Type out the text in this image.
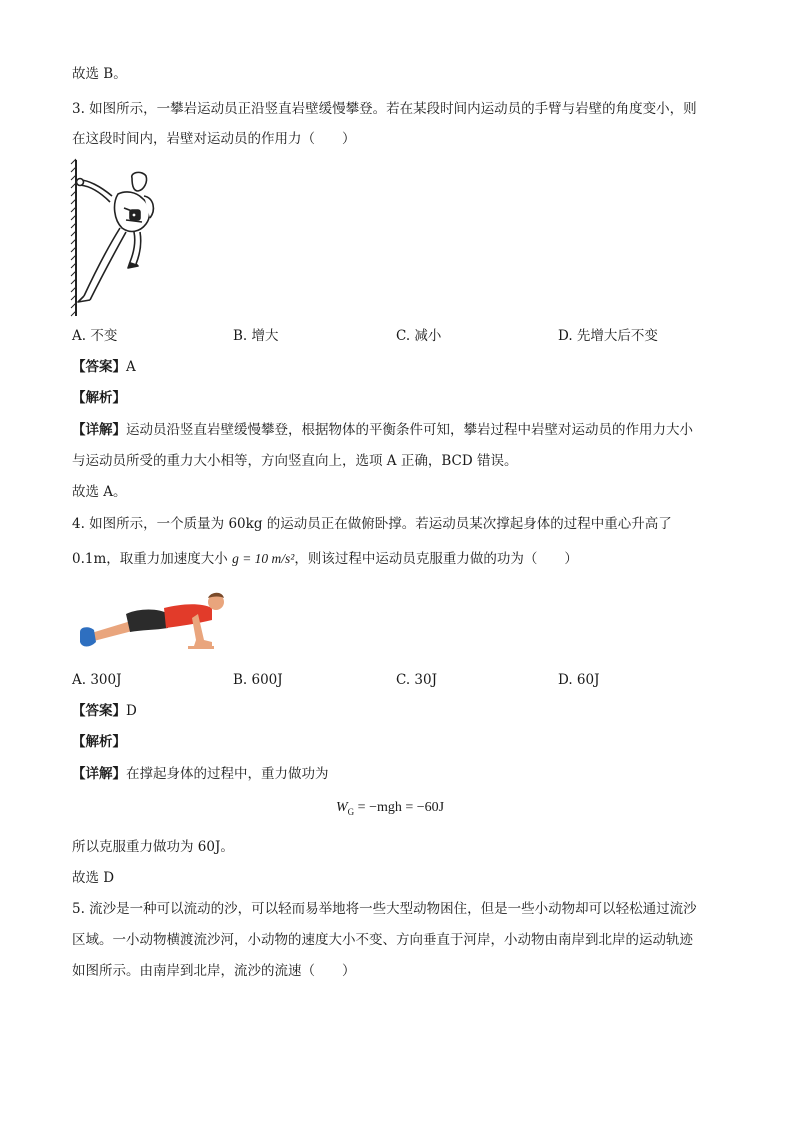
故选 B。
3. 如图所示，一攀岩运动员正沿竖直岩壁缓慢攀登。若在某段时间内运动员的手臂与岩壁的角度变小，则
在这段时间内，岩壁对运动员的作用力（　　）
A. 不变	B. 增大	C. 减小	D. 先增大后不变
【答案】A
【解析】
【详解】运动员沿竖直岩壁缓慢攀登，根据物体的平衡条件可知，攀岩过程中岩壁对运动员的作用力大小
与运动员所受的重力大小相等，方向竖直向上，选项 A 正确，BCD 错误。
故选 A。
4. 如图所示，一个质量为 60kg 的运动员正在做俯卧撑。若运动员某次撑起身体的过程中重心升高了
0.1m，取重力加速度大小 g = 10 m/s²，则该过程中运动员克服重力做的功为（　　）
A. 300J	B. 600J	C. 30J	D. 60J
【答案】D
【解析】
【详解】在撑起身体的过程中，重力做功为
$W_G = -mgh = -60J$
所以克服重力做功为 60J。
故选 D
5. 流沙是一种可以流动的沙，可以轻而易举地将一些大型动物困住，但是一些小动物却可以轻松通过流沙
区域。一小动物横渡流沙河，小动物的速度大小不变、方向垂直于河岸，小动物由南岸到北岸的运动轨迹
如图所示。由南岸到北岸，流沙的流速（　　）
